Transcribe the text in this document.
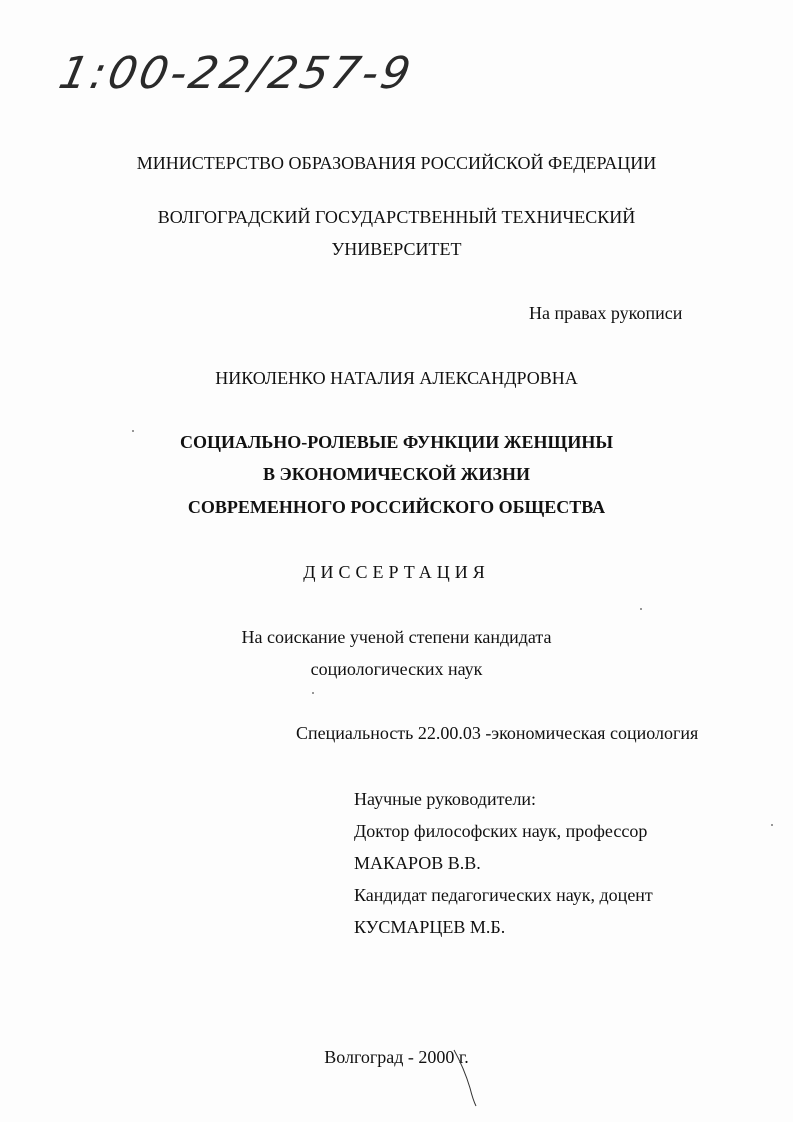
1:00-22/257-9
МИНИСТЕРСТВО ОБРАЗОВАНИЯ РОССИЙСКОЙ ФЕДЕРАЦИИ
ВОЛГОГРАДСКИЙ ГОСУДАРСТВЕННЫЙ ТЕХНИЧЕСКИЙ
УНИВЕРСИТЕТ
На правах рукописи
НИКОЛЕНКО НАТАЛИЯ АЛЕКСАНДРОВНА
СОЦИАЛЬНО-РОЛЕВЫЕ ФУНКЦИИ ЖЕНЩИНЫ
В ЭКОНОМИЧЕСКОЙ ЖИЗНИ
СОВРЕМЕННОГО РОССИЙСКОГО ОБЩЕСТВА
ДИССЕРТАЦИЯ
На соискание ученой степени кандидата
социологических наук
Специальность 22.00.03 -экономическая социология
Научные руководители:
Доктор философских наук, профессор
МАКАРОВ В.В.
Кандидат педагогических наук, доцент
КУСМАРЦЕВ М.Б.
Волгоград - 2000 г.
